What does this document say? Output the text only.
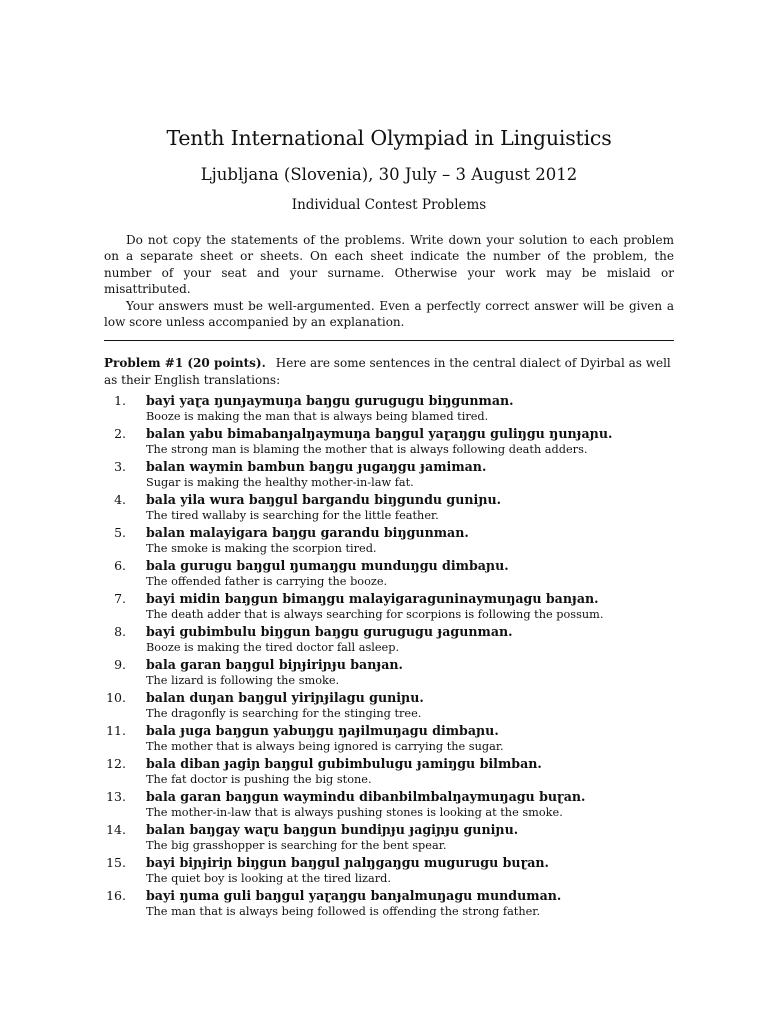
Tenth International Olympiad in Linguistics
Ljubljana (Slovenia), 30 July – 3 August 2012
Individual Contest Problems

Do not copy the statements of the problems. Write down your solution to each problem on a separate sheet or sheets. On each sheet indicate the number of the problem, the number of your seat and your surname. Otherwise your work may be mislaid or misattributed.

Your answers must be well-argumented. Even a perfectly correct answer will be given a low score unless accompanied by an explanation.

Problem #1 (20 points). Here are some sentences in the central dialect of Dyirbal as well as their English translations:
1. bayi yaɽa ŋunɟaymuŋa baŋgu gurugugu biŋgunman.
Booze is making the man that is always being blamed tired.
2. balan yabu bimabanɟalŋaymuŋa baŋgul yaɽaŋgu guliŋgu ŋunɟaɲu.
The strong man is blaming the mother that is always following death adders.
3. balan waymin bambun baŋgu ɟugaŋgu ɟamiman.
Sugar is making the healthy mother-in-law fat.
4. bala yila wura baŋgul bargandu biŋgundu guniɲu.
The tired wallaby is searching for the little feather.
5. balan malayigara baŋgu garandu biŋgunman.
The smoke is making the scorpion tired.
6. bala gurugu baŋgul ŋumaŋgu munduŋgu dimbaɲu.
The offended father is carrying the booze.
7. bayi midin baŋgun bimaŋgu malayigaraguninaymuŋagu banɟan.
The death adder that is always searching for scorpions is following the possum.
8. bayi gubimbulu biŋgun baŋgu gurugugu ɟagunman.
Booze is making the tired doctor fall asleep.
9. bala garan baŋgul biɲɟiriɲɟu banɟan.
The lizard is following the smoke.
10. balan duŋan baŋgul yiriɲɟilagu guniɲu.
The dragonfly is searching for the stinging tree.
11. bala ɟuga baŋgun yabuŋgu ŋaɟilmuŋagu dimbaɲu.
The mother that is always being ignored is carrying the sugar.
12. bala diban ɟagiɲ baŋgul gubimbulugu ɟamiŋgu bilmban.
The fat doctor is pushing the big stone.
13. bala garan baŋgun waymindu dibanbilmbalŋaymuŋagu buɽan.
The mother-in-law that is always pushing stones is looking at the smoke.
14. balan baŋgay waɽu baŋgun bundiɲɟu ɟagiɲɟu guniɲu.
The big grasshopper is searching for the bent spear.
15. bayi biɲɟiriɲ biŋgun baŋgul ɲalŋgaŋgu mugurugu buɽan.
The quiet boy is looking at the tired lizard.
16. bayi ŋuma guli baŋgul yaɽaŋgu banɟalmuŋagu munduman.
The man that is always being followed is offending the strong father.
